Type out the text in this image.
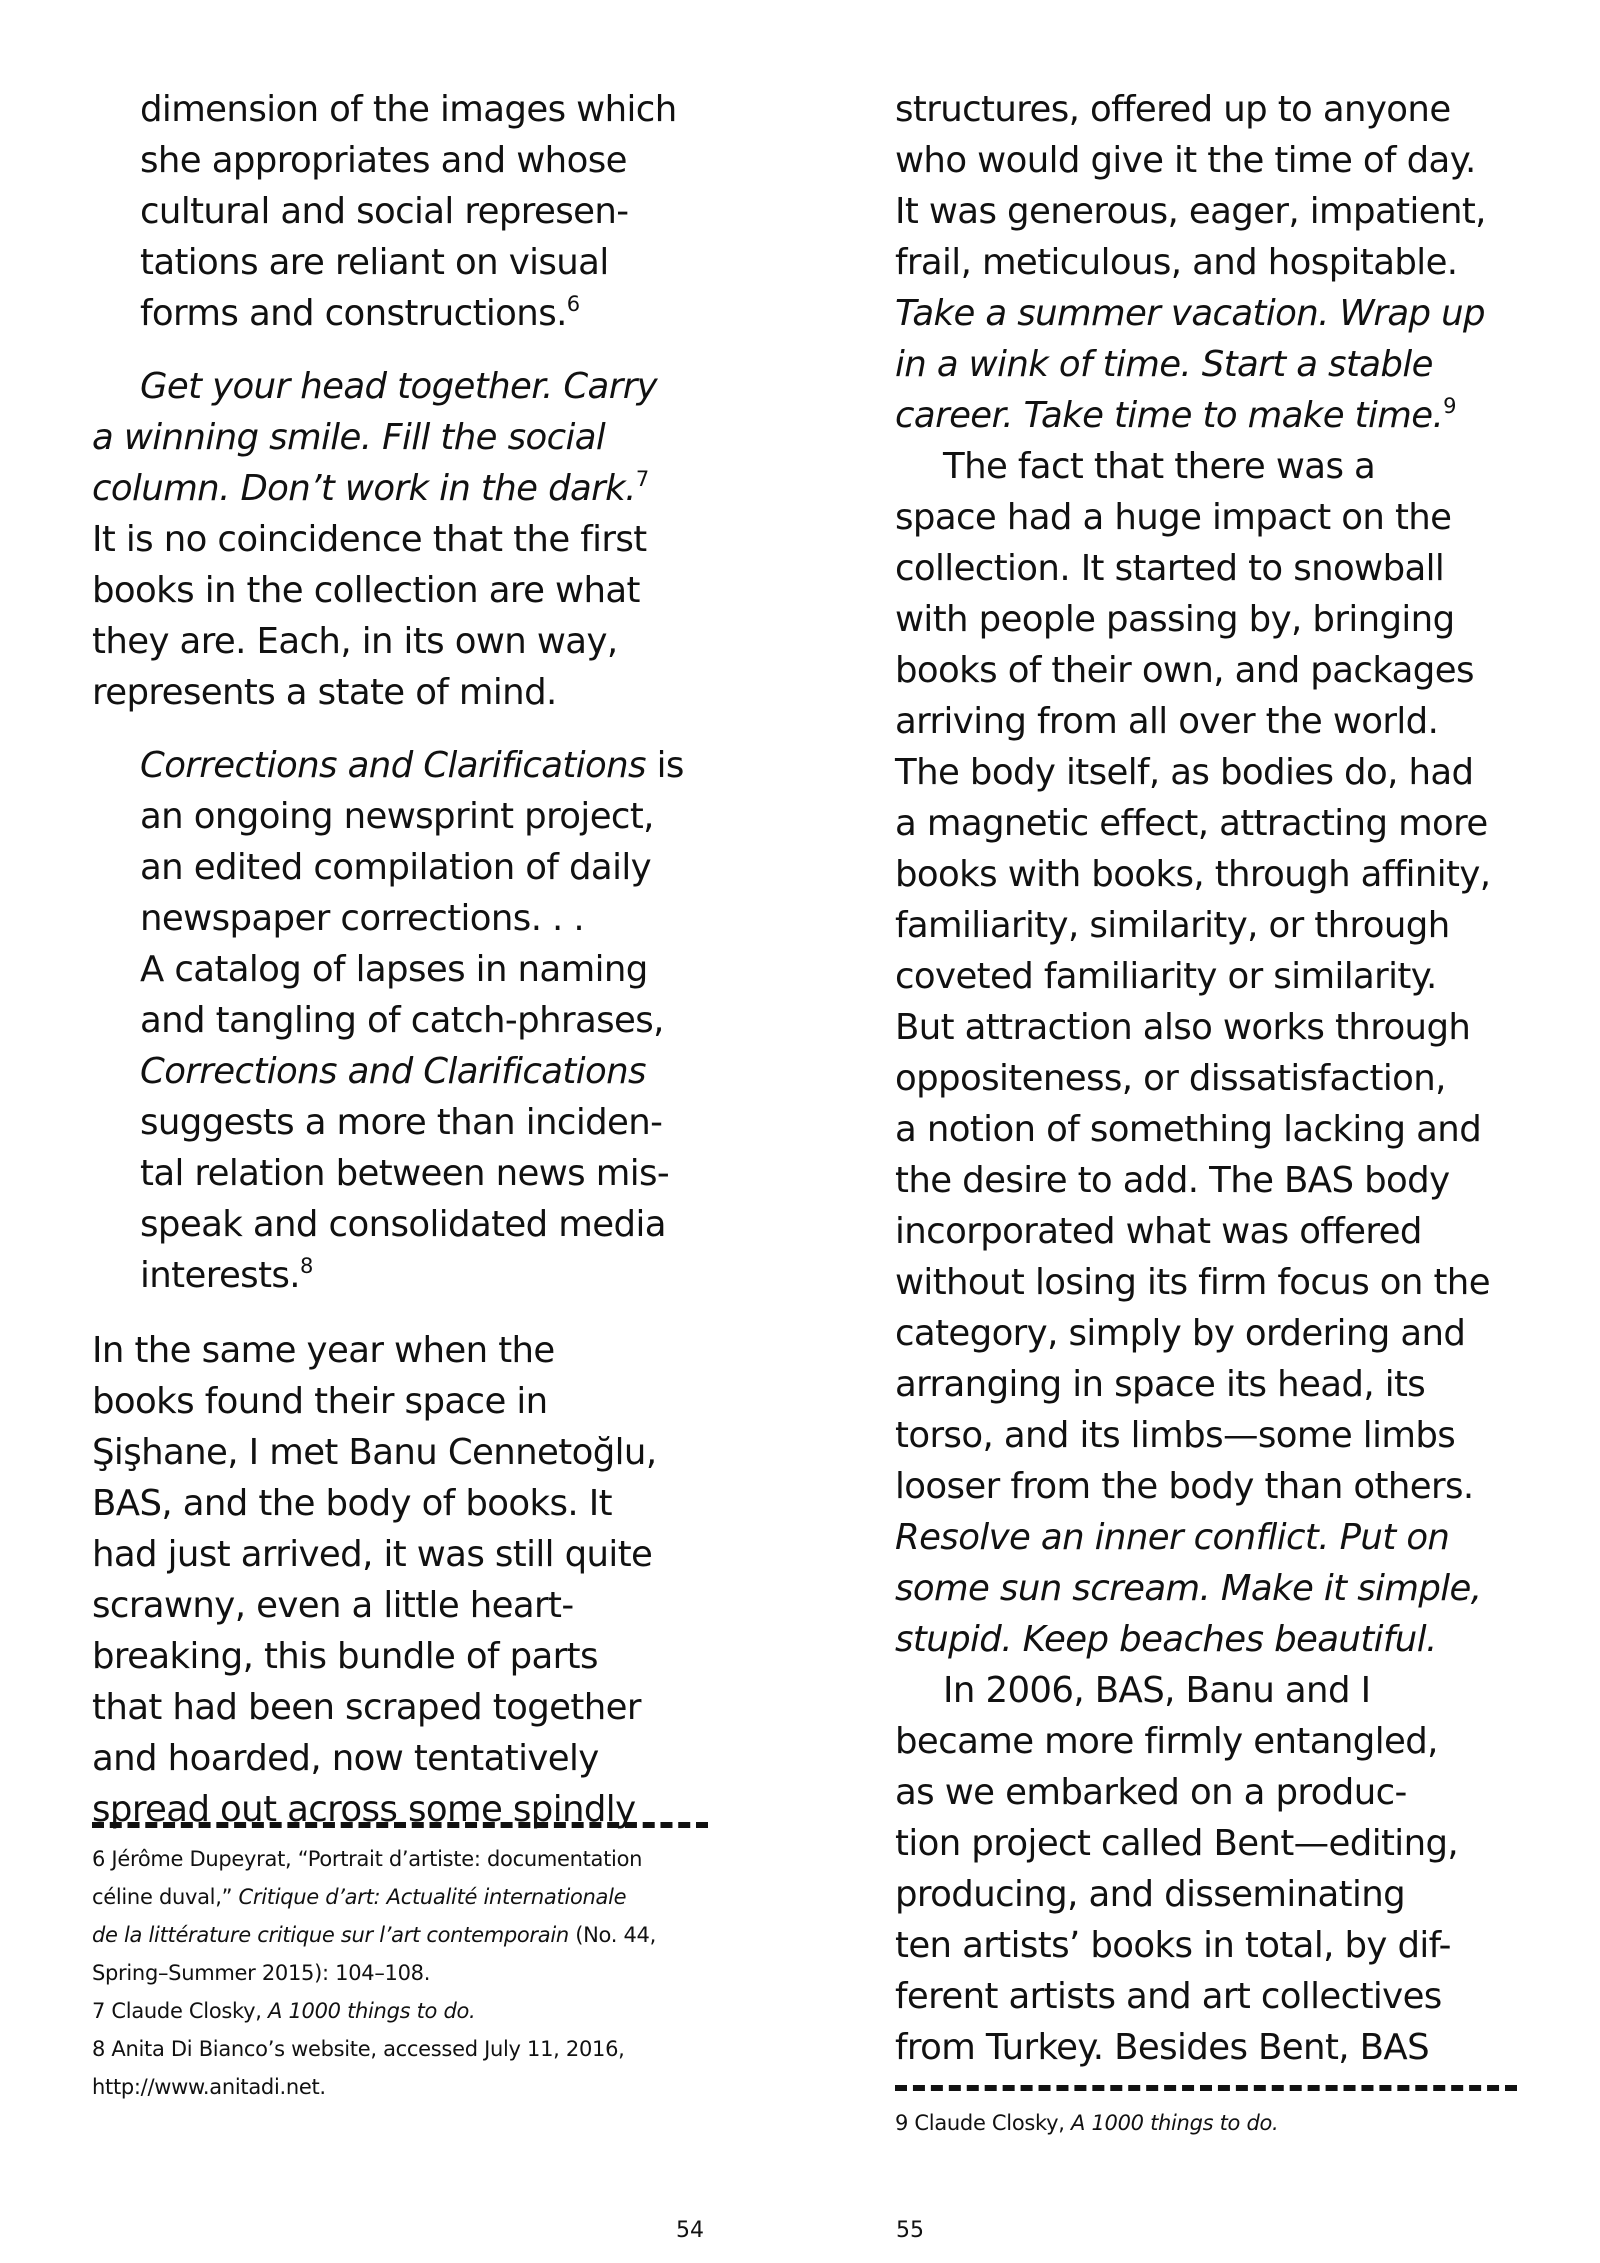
dimension of the images which
she appropriates and whose
cultural and social represen-
tations are reliant on visual
forms and constructions.$^6$
Get your head together. Carry
a winning smile. Fill the social
column. Don’t work in the dark.$^7$
It is no coincidence that the first
books in the collection are what
they are. Each, in its own way,
represents a state of mind.
Corrections and Clarifications is
an ongoing newsprint project,
an edited compilation of daily
newspaper corrections. . .
A catalog of lapses in naming
and tangling of catch-phrases,
Corrections and Clarifications
suggests a more than inciden-
tal relation between news mis-
speak and consolidated media
interests.$^8$
In the same year when the
books found their space in
Şişhane, I met Banu Cennetoğlu,
BAS, and the body of books. It
had just arrived, it was still quite
scrawny, even a little heart-
breaking, this bundle of parts
that had been scraped together
and hoarded, now tentatively
spread out across some spindly

6 Jérôme Dupeyrat, “Portrait d’artiste: documentation
céline duval,” Critique d’art: Actualité internationale
de la littérature critique sur l’art contemporain (No. 44,
Spring–Summer 2015): 104–108.

7 Claude Closky, A 1000 things to do.

8 Anita Di Bianco’s website, accessed July 11, 2016,
http://www.anitadi.net.

54
structures, offered up to anyone
who would give it the time of day.
It was generous, eager, impatient,
frail, meticulous, and hospitable.
Take a summer vacation. Wrap up
in a wink of time. Start a stable
career. Take time to make time.$^9$
The fact that there was a
space had a huge impact on the
collection. It started to snowball
with people passing by, bringing
books of their own, and packages
arriving from all over the world.
The body itself, as bodies do, had
a magnetic effect, attracting more
books with books, through affinity,
familiarity, similarity, or through
coveted familiarity or similarity.
But attraction also works through
oppositeness, or dissatisfaction,
a notion of something lacking and
the desire to add. The BAS body
incorporated what was offered
without losing its firm focus on the
category, simply by ordering and
arranging in space its head, its
torso, and its limbs—some limbs
looser from the body than others.
Resolve an inner conflict. Put on
some sun scream. Make it simple,
stupid. Keep beaches beautiful.
In 2006, BAS, Banu and I
became more firmly entangled,
as we embarked on a produc-
tion project called Bent—editing,
producing, and disseminating
ten artists’ books in total, by dif-
ferent artists and art collectives
from Turkey. Besides Bent, BAS

9 Claude Closky, A 1000 things to do.

55
